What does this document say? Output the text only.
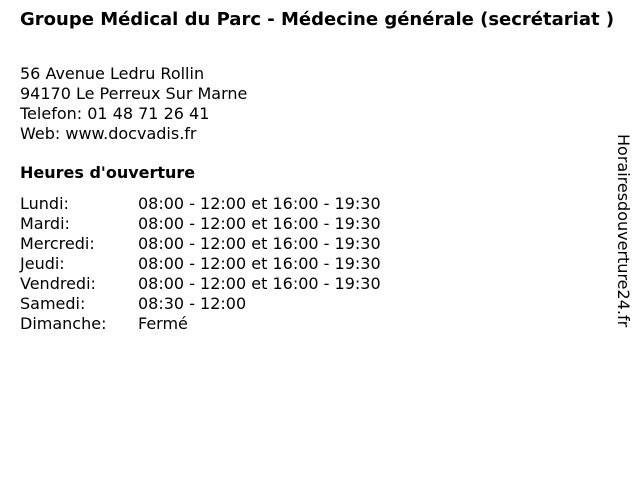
Groupe Médical du Parc - Médecine générale (secrétariat )
56 Avenue Ledru Rollin
94170 Le Perreux Sur Marne
Telefon: 01 48 71 26 41
Web: www.docvadis.fr
Heures d'ouverture
Lundi:	08:00 - 12:00 et 16:00 - 19:30
Mardi:	08:00 - 12:00 et 16:00 - 19:30
Mercredi:	08:00 - 12:00 et 16:00 - 19:30
Jeudi:	08:00 - 12:00 et 16:00 - 19:30
Vendredi:	08:00 - 12:00 et 16:00 - 19:30
Samedi:	08:30 - 12:00
Dimanche:	Fermé	Horairesdouverture24.fr
